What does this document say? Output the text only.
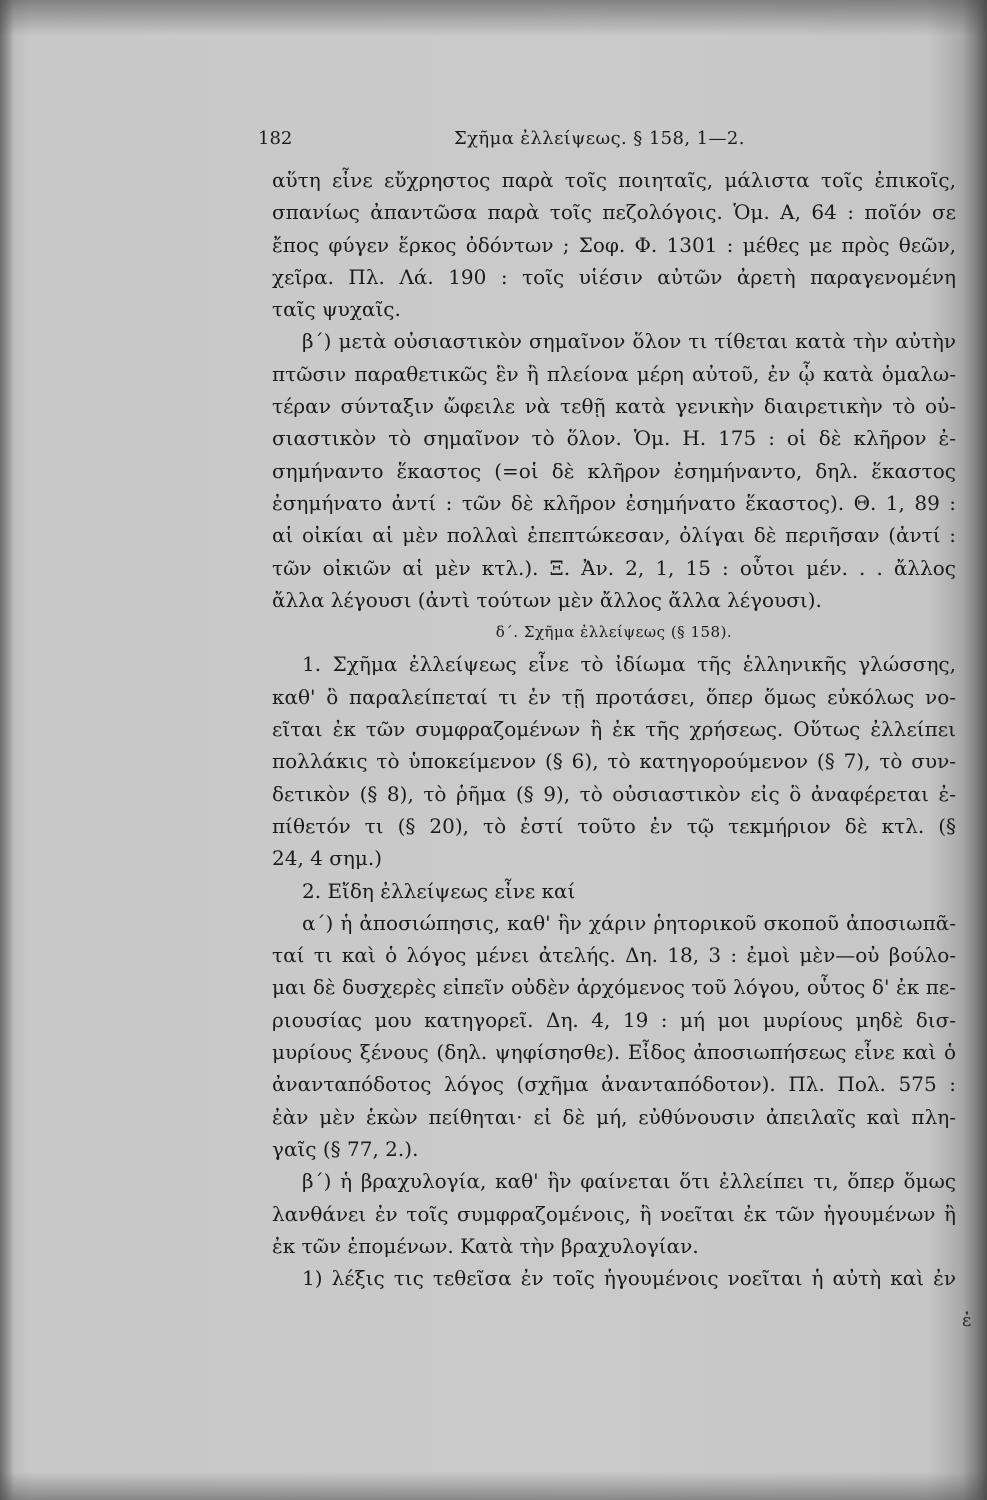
182	Σχῆμα ἐλλείψεως. § 158, 1—2.
αὕτη εἶνε εὔχρηστος παρὰ τοῖς ποιηταῖς, μάλιστα τοῖς ἐπικοῖς,
σπανίως ἀπαντῶσα παρὰ τοῖς πεζολόγοις. Ὁμ. Α, 64 : ποῖόν σε
ἔπος φύγεν ἕρκος ὀδόντων ; Σοφ. Φ. 1301 : μέθες με πρὸς θεῶν,
χεῖρα. Πλ. Λά. 190 : τοῖς υἱέσιν αὐτῶν ἀρετὴ παραγενομένη
ταῖς ψυχαῖς.
β΄) μετὰ οὐσιαστικὸν σημαῖνον ὅλον τι τίθεται κατὰ τὴν αὐτὴν
πτῶσιν παραθετικῶς ἓν ἢ πλείονα μέρη αὐτοῦ, ἐν ᾧ κατὰ ὁμαλω-
τέραν σύνταξιν ὤφειλε νὰ τεθῇ κατὰ γενικὴν διαιρετικὴν τὸ οὐ-
σιαστικὸν τὸ σημαῖνον τὸ ὅλον. Ὁμ. Η. 175 : οἱ δὲ κλῆρον ἐ-
σημήναντο ἕκαστος (=οἱ δὲ κλῆρον ἐσημήναντο, δηλ. ἕκαστος
ἐσημήνατο ἀντί : τῶν δὲ κλῆρον ἐσημήνατο ἕκαστος). Θ. 1, 89 :
αἱ οἰκίαι αἱ μὲν πολλαὶ ἐπεπτώκεσαν, ὀλίγαι δὲ περιῆσαν (ἀντί :
τῶν οἰκιῶν αἱ μὲν κτλ.). Ξ. Ἀν. 2, 1, 15 : οὗτοι μέν. . . ἄλλος
ἄλλα λέγουσι (ἀντὶ τούτων μὲν ἄλλος ἄλλα λέγουσι).
δ΄. Σχῆμα ἐλλείψεως (§ 158).
1. Σχῆμα ἐλλείψεως εἶνε τὸ ἰδίωμα τῆς ἑλληνικῆς γλώσσης,
καθ' ὃ παραλείπεταί τι ἐν τῇ προτάσει, ὅπερ ὅμως εὐκόλως νο-
εῖται ἐκ τῶν συμφραζομένων ἢ ἐκ τῆς χρήσεως. Οὕτως ἐλλείπει
πολλάκις τὸ ὑποκείμενον (§ 6), τὸ κατηγορούμενον (§ 7), τὸ συν-
δετικὸν (§ 8), τὸ ῥῆμα (§ 9), τὸ οὐσιαστικὸν εἰς ὃ ἀναφέρεται ἐ-
πίθετόν τι (§ 20), τὸ ἐστί τοῦτο ἐν τῷ τεκμήριον δὲ κτλ. (§
24, 4 σημ.)
2. Εἴδη ἐλλείψεως εἶνε καί
α΄) ἡ ἀποσιώπησις, καθ' ἣν χάριν ῥητορικοῦ σκοποῦ ἀποσιωπᾶ-
ταί τι καὶ ὁ λόγος μένει ἀτελής. Δη. 18, 3 : ἐμοὶ μὲν—οὐ βούλο-
μαι δὲ δυσχερὲς εἰπεῖν οὐδὲν ἀρχόμενος τοῦ λόγου, οὗτος δ' ἐκ πε-
ριουσίας μου κατηγορεῖ. Δη. 4, 19 : μή μοι μυρίους μηδὲ δισ-
μυρίους ξένους (δηλ. ψηφίσησθε). Εἶδος ἀποσιωπήσεως εἶνε καὶ ὁ
ἀνανταπόδοτος λόγος (σχῆμα ἀνανταπόδοτον). Πλ. Πολ. 575 :
ἐὰν μὲν ἑκὼν πείθηται· εἰ δὲ μή, εὐθύνουσιν ἀπειλαῖς καὶ πλη-
γαῖς (§ 77, 2.).
β΄) ἡ βραχυλογία, καθ' ἣν φαίνεται ὅτι ἐλλείπει τι, ὅπερ ὅμως
λανθάνει ἐν τοῖς συμφραζομένοις, ἢ νοεῖται ἐκ τῶν ἡγουμένων ἢ
ἐκ τῶν ἑπομένων. Κατὰ τὴν βραχυλογίαν.
1) λέξις τις τεθεῖσα ἐν τοῖς ἡγουμένοις νοεῖται ἡ αὐτὴ καὶ ἐν
ἐ
